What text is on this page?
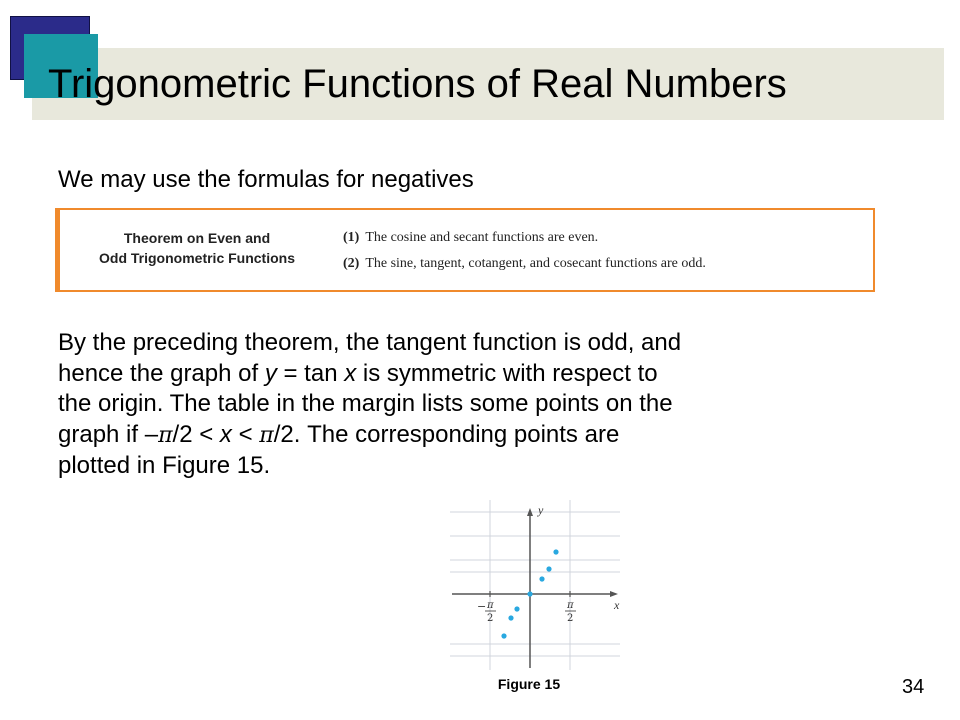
Trigonometric Functions of Real Numbers

We may use the formulas for negatives

Theorem on Even and
Odd Trigonometric Functions
(1) The cosine and secant functions are even.
(2) The sine, tangent, cotangent, and cosecant functions are odd.

By the preceding theorem, the tangent function is odd, and

hence the graph of y = tan x is symmetric with respect to

the origin. The table in the margin lists some points on the

graph if –π/2 < x < π/2. The corresponding points are

plotted in Figure 15.

y
x
− π
2
π
2
Figure 15	34
